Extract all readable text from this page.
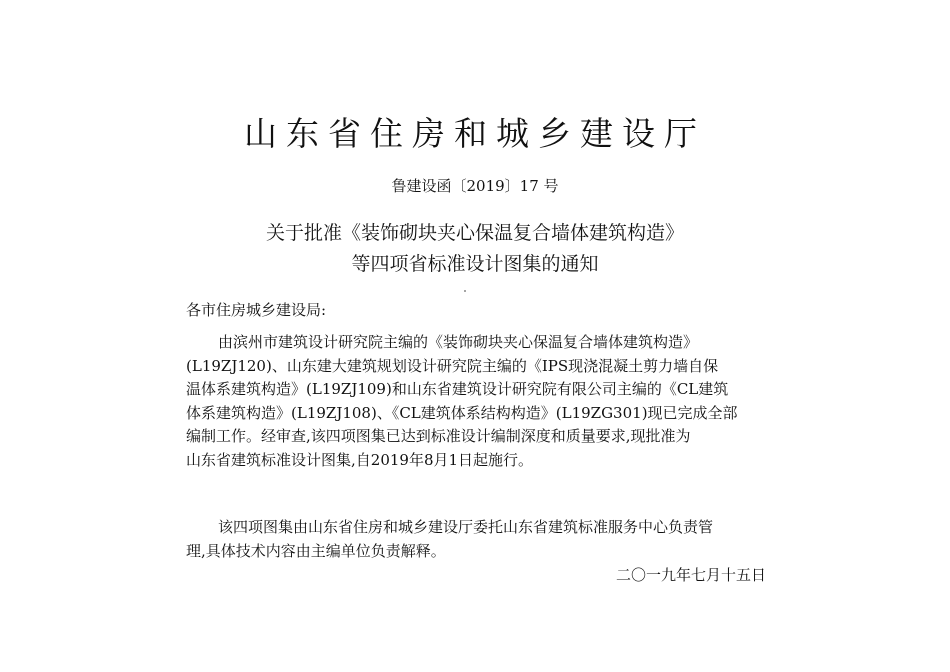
山东省住房和城乡建设厅
鲁建设函〔2019〕17 号
关于批准《装饰砌块夹心保温复合墙体建筑构造》
等四项省标准设计图集的通知
各市住房城乡建设局:
由滨州市建筑设计研究院主编的《装饰砌块夹心保温复合墙体建筑构造》
(L19ZJ120)、山东建大建筑规划设计研究院主编的《IPS现浇混凝土剪力墙自保
温体系建筑构造》(L19ZJ109)和山东省建筑设计研究院有限公司主编的《CL建筑
体系建筑构造》(L19ZJ108)、《CL建筑体系结构构造》(L19ZG301)现已完成全部
编制工作。经审查,该四项图集已达到标准设计编制深度和质量要求,现批准为
山东省建筑标准设计图集,自2019年8月1日起施行。
该四项图集由山东省住房和城乡建设厅委托山东省建筑标准服务中心负责管
理,具体技术内容由主编单位负责解释。
二〇一九年七月十五日
